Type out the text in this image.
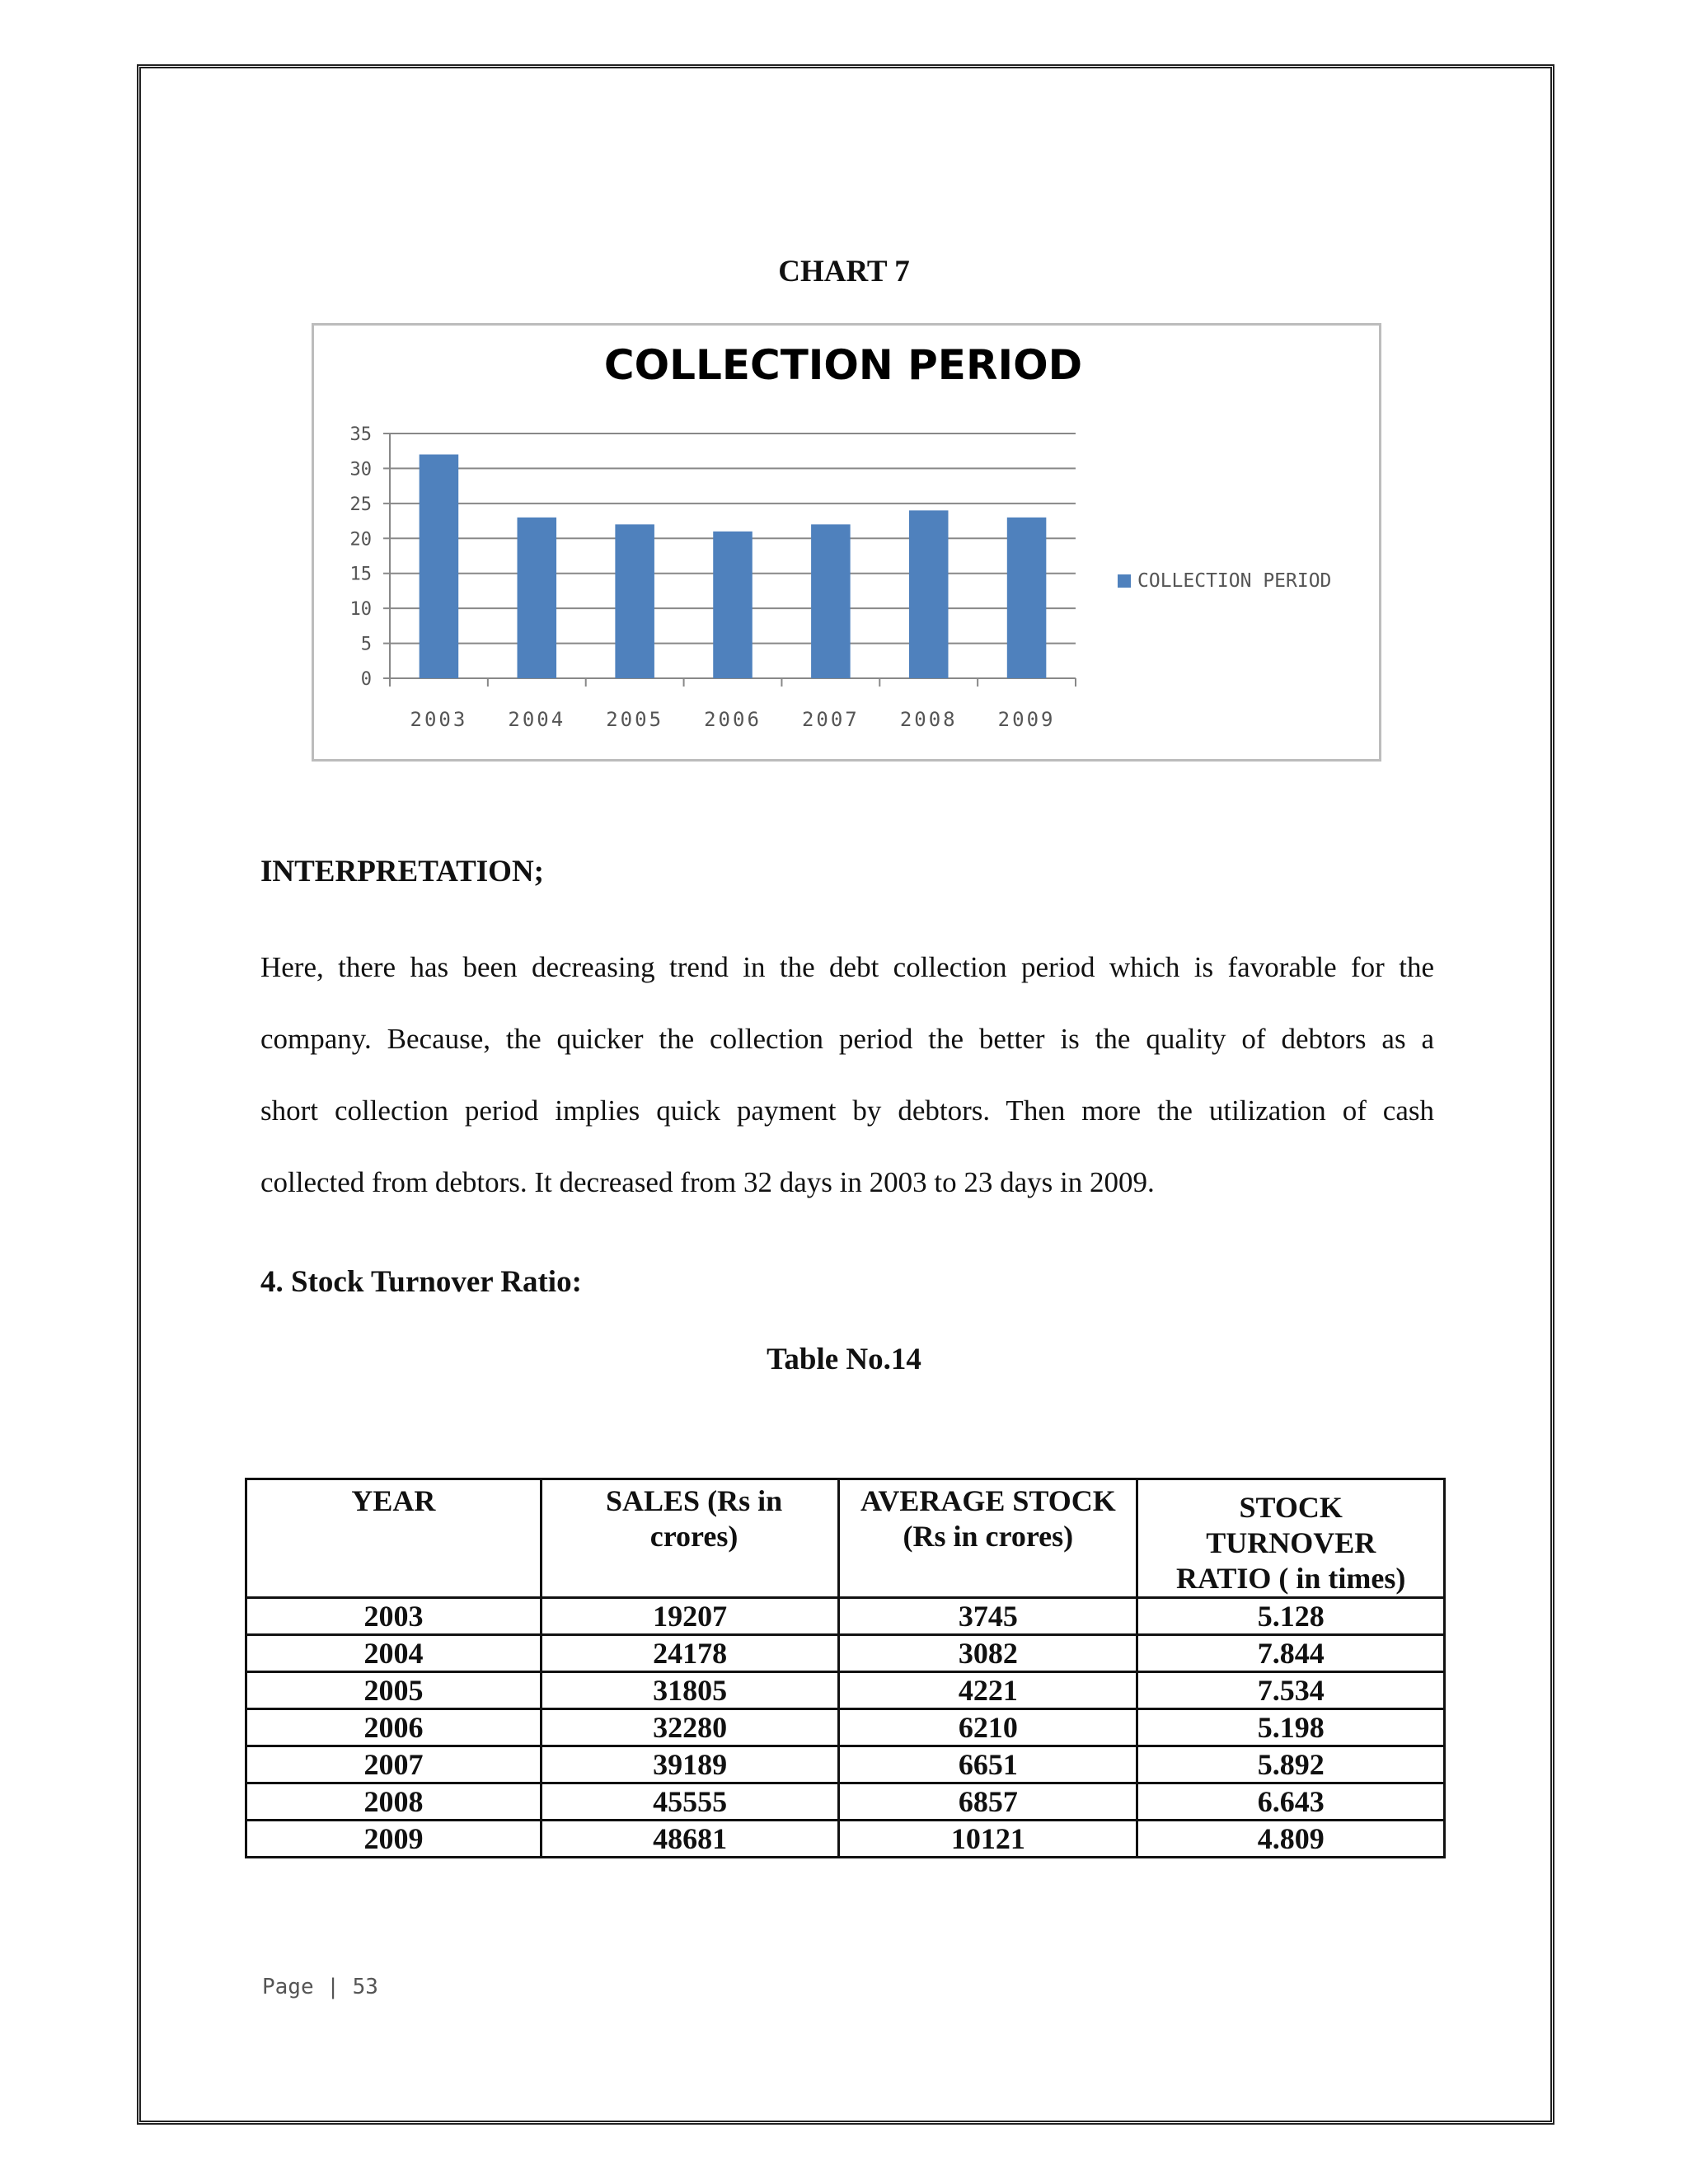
CHART 7
COLLECTION PERIOD
0
5
10
15
20
25
30
35
2003 2004 2005 2006 2007 2008 2009
COLLECTION PERIOD
INTERPRETATION;
Here, there has been decreasing trend in the debt collection period which is favorable for the
company. Because, the quicker the collection period the better is the quality of debtors as a
short collection period implies quick payment by debtors. Then more the utilization of cash
collected from debtors. It decreased from 32 days in 2003 to 23 days in 2009.
4. Stock Turnover Ratio:
Table No.14
YEAR	SALES (Rs in crores)	AVERAGE STOCK (Rs in crores)	STOCK TURNOVER RATIO ( in times)
2003	19207	3745	5.128
2004	24178	3082	7.844
2005	31805	4221	7.534
2006	32280	6210	5.198
2007	39189	6651	5.892
2008	45555	6857	6.643
2009	48681	10121	4.809
Page | 53
